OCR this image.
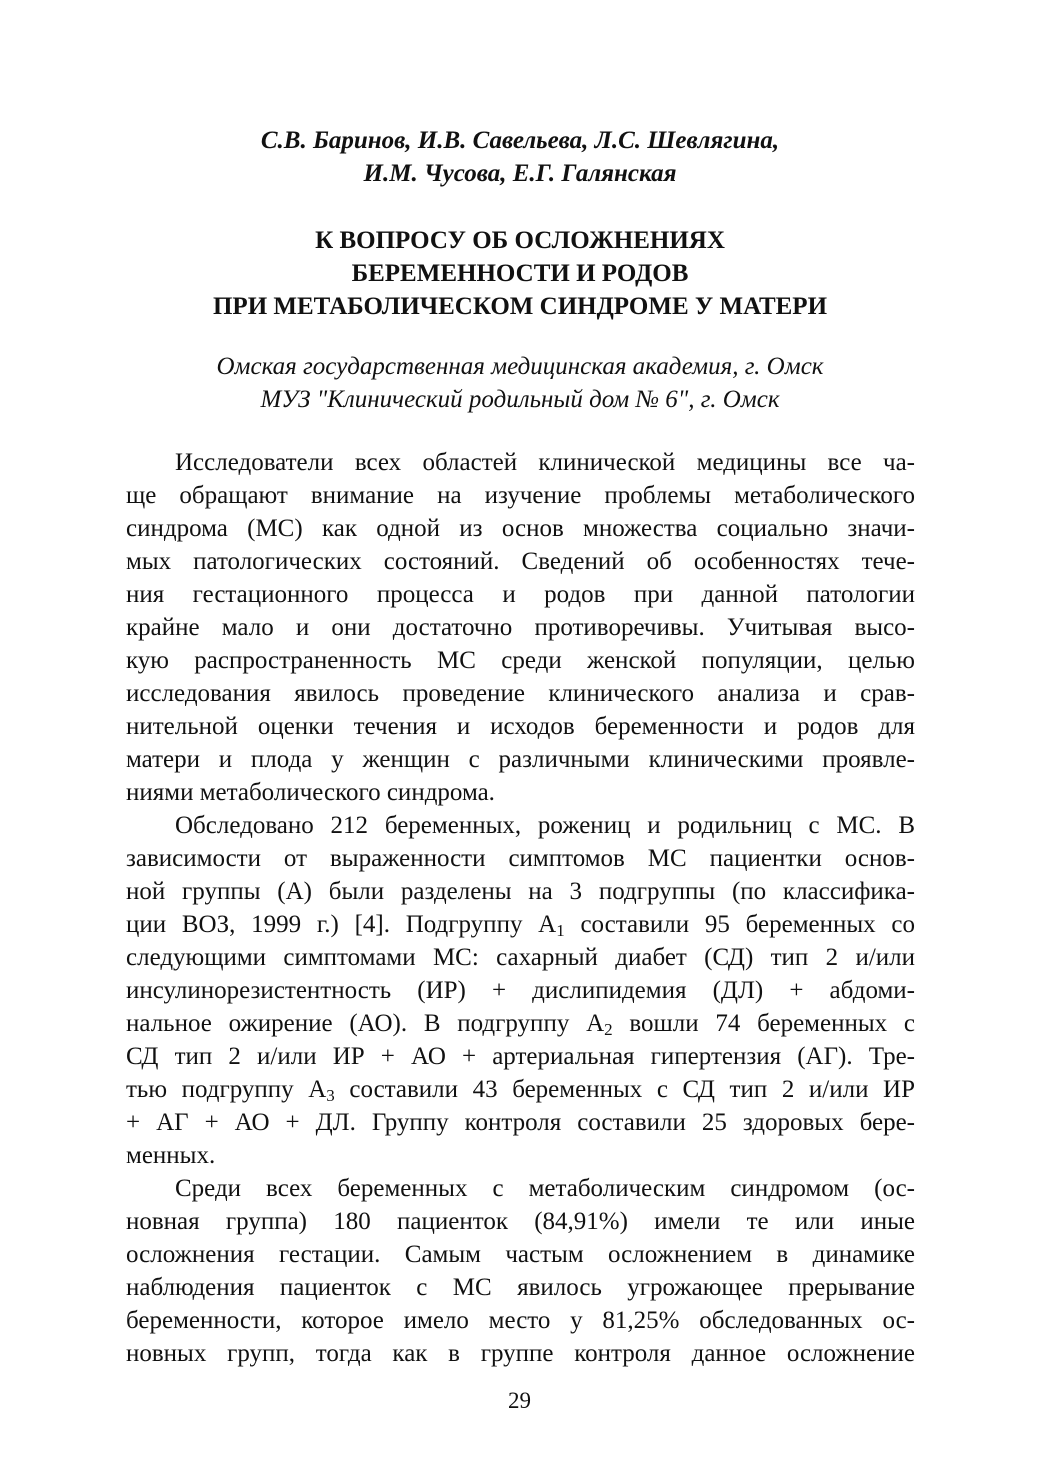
С.В. Баринов, И.В. Савельева, Л.С. Шевлягина,
И.М. Чусова, Е.Г. Галянская
К ВОПРОСУ ОБ ОСЛОЖНЕНИЯХ
БЕРЕМЕННОСТИ И РОДОВ
ПРИ МЕТАБОЛИЧЕСКОМ СИНДРОМЕ У МАТЕРИ
Омская государственная медицинская академия, г. Омск
МУЗ "Клинический родильный дом № 6", г. Омск
Исследователи всех областей клинической медицины все ча-
ще обращают внимание на изучение проблемы метаболического
синдрома (МС) как одной из основ множества социально значи-
мых патологических состояний. Сведений об особенностях тече-
ния гестационного процесса и родов при данной патологии
крайне мало и они достаточно противоречивы. Учитывая высо-
кую распространенность МС среди женской популяции, целью
исследования явилось проведение клинического анализа и срав-
нительной оценки течения и исходов беременности и родов для
матери и плода у женщин с различными клиническими проявле-
ниями метаболического синдрома.
Обследовано 212 беременных, рожениц и родильниц с МС. В
зависимости от выраженности симптомов МС пациентки основ-
ной группы (А) были разделены на 3 подгруппы (по классифика-
ции ВОЗ, 1999 г.) [4]. Подгруппу $А_1$ составили 95 беременных со
следующими симптомами МС: сахарный диабет (СД) тип 2 и/или
инсулинорезистентность (ИР) + дислипидемия (ДЛ) + абдоми-
нальное ожирение (АО). В подгруппу $А_2$ вошли 74 беременных с
СД тип 2 и/или ИР + АО + артериальная гипертензия (АГ). Тре-
тью подгруппу $А_3$ составили 43 беременных с СД тип 2 и/или ИР
+ АГ + АО + ДЛ. Группу контроля составили 25 здоровых бере-
менных.
Среди всех беременных с метаболическим синдромом (ос-
новная группа) 180 пациенток (84,91%) имели те или иные
осложнения гестации. Самым частым осложнением в динамике
наблюдения пациенток с МС явилось угрожающее прерывание
беременности, которое имело место у 81,25% обследованных ос-
новных групп, тогда как в группе контроля данное осложнение
29
